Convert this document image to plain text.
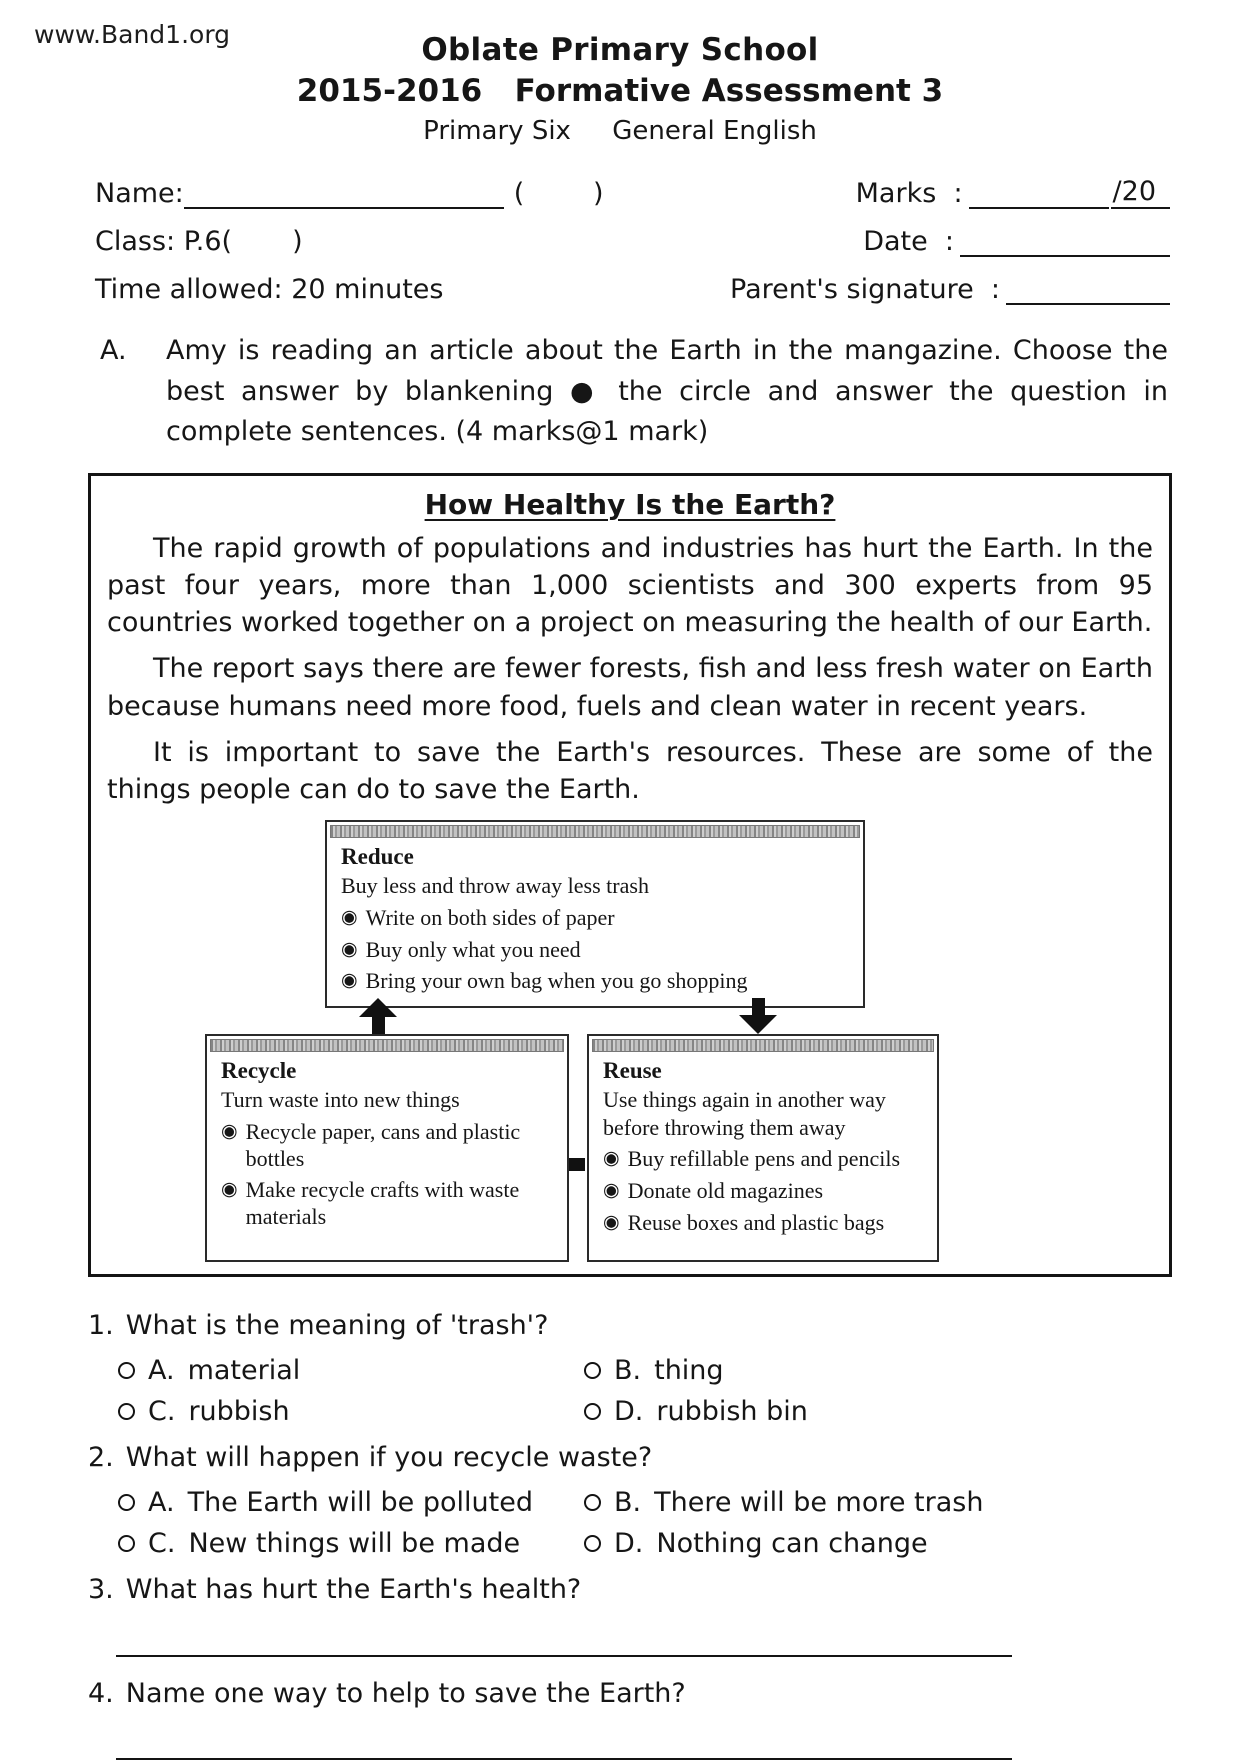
www.Band1.org	Oblate Primary School
2015-2016   Formative Assessment 3
Primary Six     General English
Name:	(        )	Marks  :	/20
Class: P.6(       )	Date  :
Time allowed: 20 minutes	Parent's signature  :
A.	Amy is reading an article about the Earth in the mangazine. Choose the best answer by blankening ● the circle and answer the question in complete sentences. (4 marks@1 mark)
How Healthy Is the Earth?
The rapid growth of populations and industries has hurt the Earth. In the past four years, more than 1,000 scientists and 300 experts from 95 countries worked together on a project on measuring the health of our Earth.
The report says there are fewer forests, fish and less fresh water on Earth because humans need more food, fuels and clean water in recent years.
It is important to save the Earth's resources. These are some of the things people can do to save the Earth.
Reduce
Buy less and throw away less trash
◉ Write on both sides of paper
◉ Buy only what you need
◉ Bring your own bag when you go shopping
Recycle
Turn waste into new things
◉ Recycle paper, cans and plastic bottles
◉ Make recycle crafts with waste materials
Reuse
Use things again in another way before throwing them away
◉ Buy refillable pens and pencils
◉ Donate old magazines
◉ Reuse boxes and plastic bags
1. What is the meaning of 'trash'?
A. material	B. thing
C. rubbish	D. rubbish bin
2. What will happen if you recycle waste?
A. The Earth will be polluted	B. There will be more trash
C. New things will be made	D. Nothing can change
3. What has hurt the Earth's health?
4. Name one way to help to save the Earth?
